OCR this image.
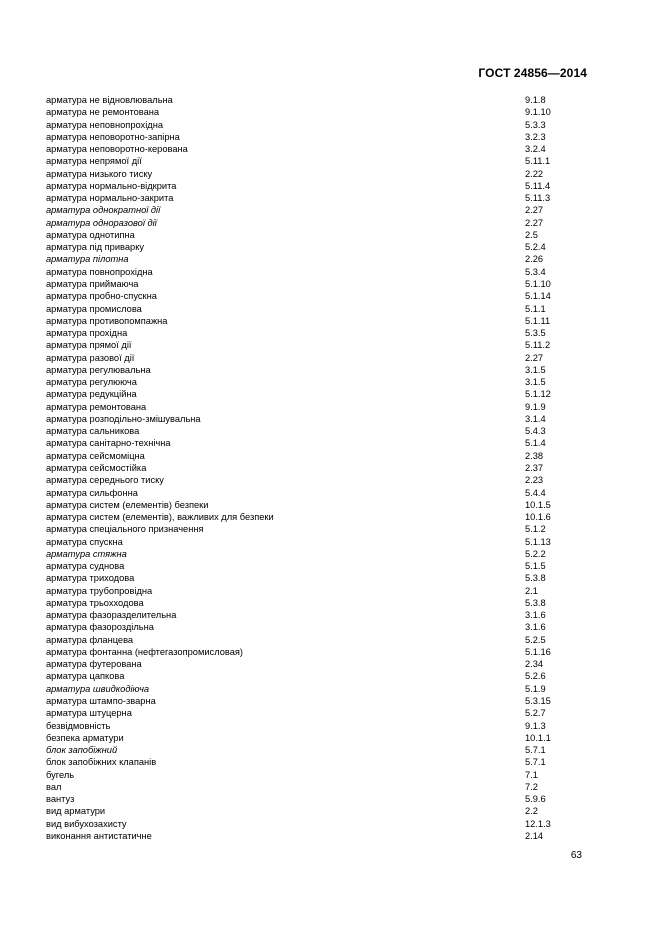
ГОСТ 24856—2014
арматура не відновлювальна	9.1.8
арматура не ремонтована	9.1.10
арматура неповнопрохідна	5.3.3
арматура неповоротно-запірна	3.2.3
арматура неповоротно-керована	3.2.4
арматура непрямої дії	5.11.1
арматура низького тиску	2.22
арматура нормально-відкрита	5.11.4
арматура нормально-закрита	5.11.3
арматура однократної дії	2.27
арматура одноразової дії	2.27
арматура однотипна	2.5
арматура під приварку	5.2.4
арматура пілотна	2.26
арматура повнопрохідна	5.3.4
арматура приймаюча	5.1.10
арматура пробно-спускна	5.1.14
арматура промислова	5.1.1
арматура противопомпажна	5.1.11
арматура прохідна	5.3.5
арматура прямої дії	5.11.2
арматура разової дії	2.27
арматура регулювальна	3.1.5
арматура регулююча	3.1.5
арматура редукційна	5.1.12
арматура ремонтована	9.1.9
арматура розподільно-змішувальна	3.1.4
арматура сальникова	5.4.3
арматура санітарно-технічна	5.1.4
арматура сейсмоміцна	2.38
арматура сейсмостійка	2.37
арматура середнього тиску	2.23
арматура сильфонна	5.4.4
арматура систем (елементів) безпеки	10.1.5
арматура систем (елементів), важливих для безпеки	10.1.6
арматура спеціального призначення	5.1.2
арматура спускна	5.1.13
арматура стяжна	5.2.2
арматура суднова	5.1.5
арматура триходова	5.3.8
арматура трубопровідна	2.1
арматура трьохходова	5.3.8
арматура фазоразделительна	3.1.6
арматура фазороздільна	3.1.6
арматура фланцева	5.2.5
арматура фонтанна (нефтегазопромисловая)	5.1.16
арматура футерована	2.34
арматура цапкова	5.2.6
арматура швидкодіюча	5.1.9
арматура штампо-зварна	5.3.15
арматура штуцерна	5.2.7
безвідмовність	9.1.3
безпека арматури	10.1.1
блок запобіжний	5.7.1
блок запобіжних клапанів	5.7.1
бугель	7.1
вал	7.2
вантуз	5.9.6
вид арматури	2.2
вид вибухозахисту	12.1.3
виконання антистатичне	2.14
63
